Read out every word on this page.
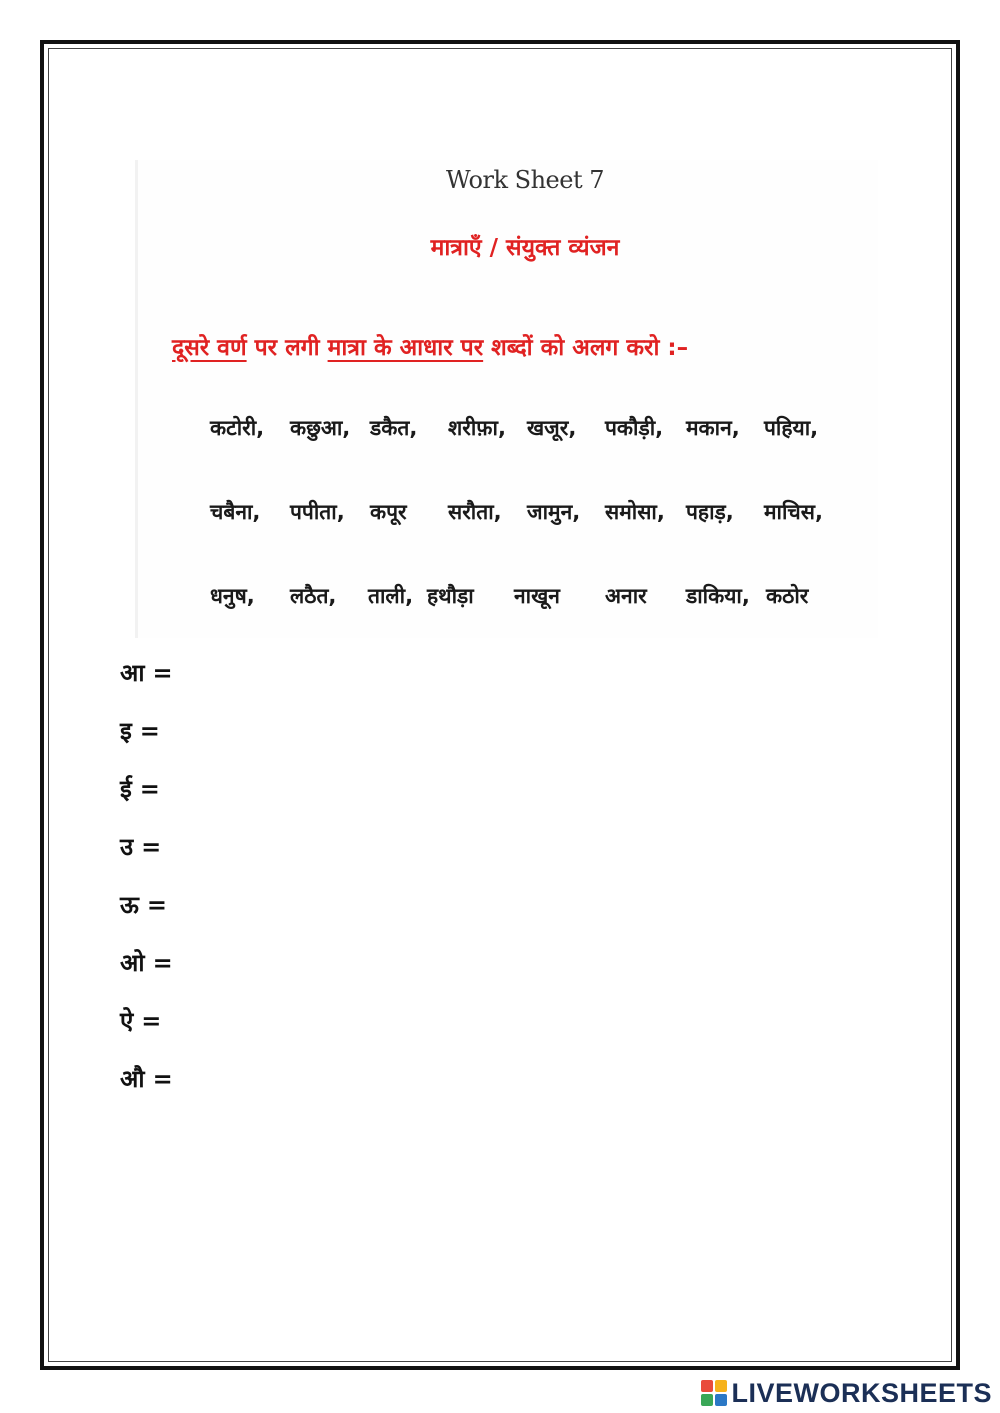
Work Sheet 7
मात्राएँ / संयुक्त व्यंजन
दूसरे वर्ण पर लगी मात्रा के आधार पर शब्दों को अलग करो :–
कटोरी, कछुआ, डकैत, शरीफ़ा, खजूर, पकौड़ी, मकान, पहिया,
चबैना, पपीता, कपूर सरौता, जामुन, समोसा, पहाड़, माचिस,
धनुष, लठैत, ताली, हथौड़ा नाखून अनार डाकिया, कठोर
आ =
इ =
ई =
उ =
ऊ =
ओ =
ऐ =
औ =
LIVEWORKSHEETS
